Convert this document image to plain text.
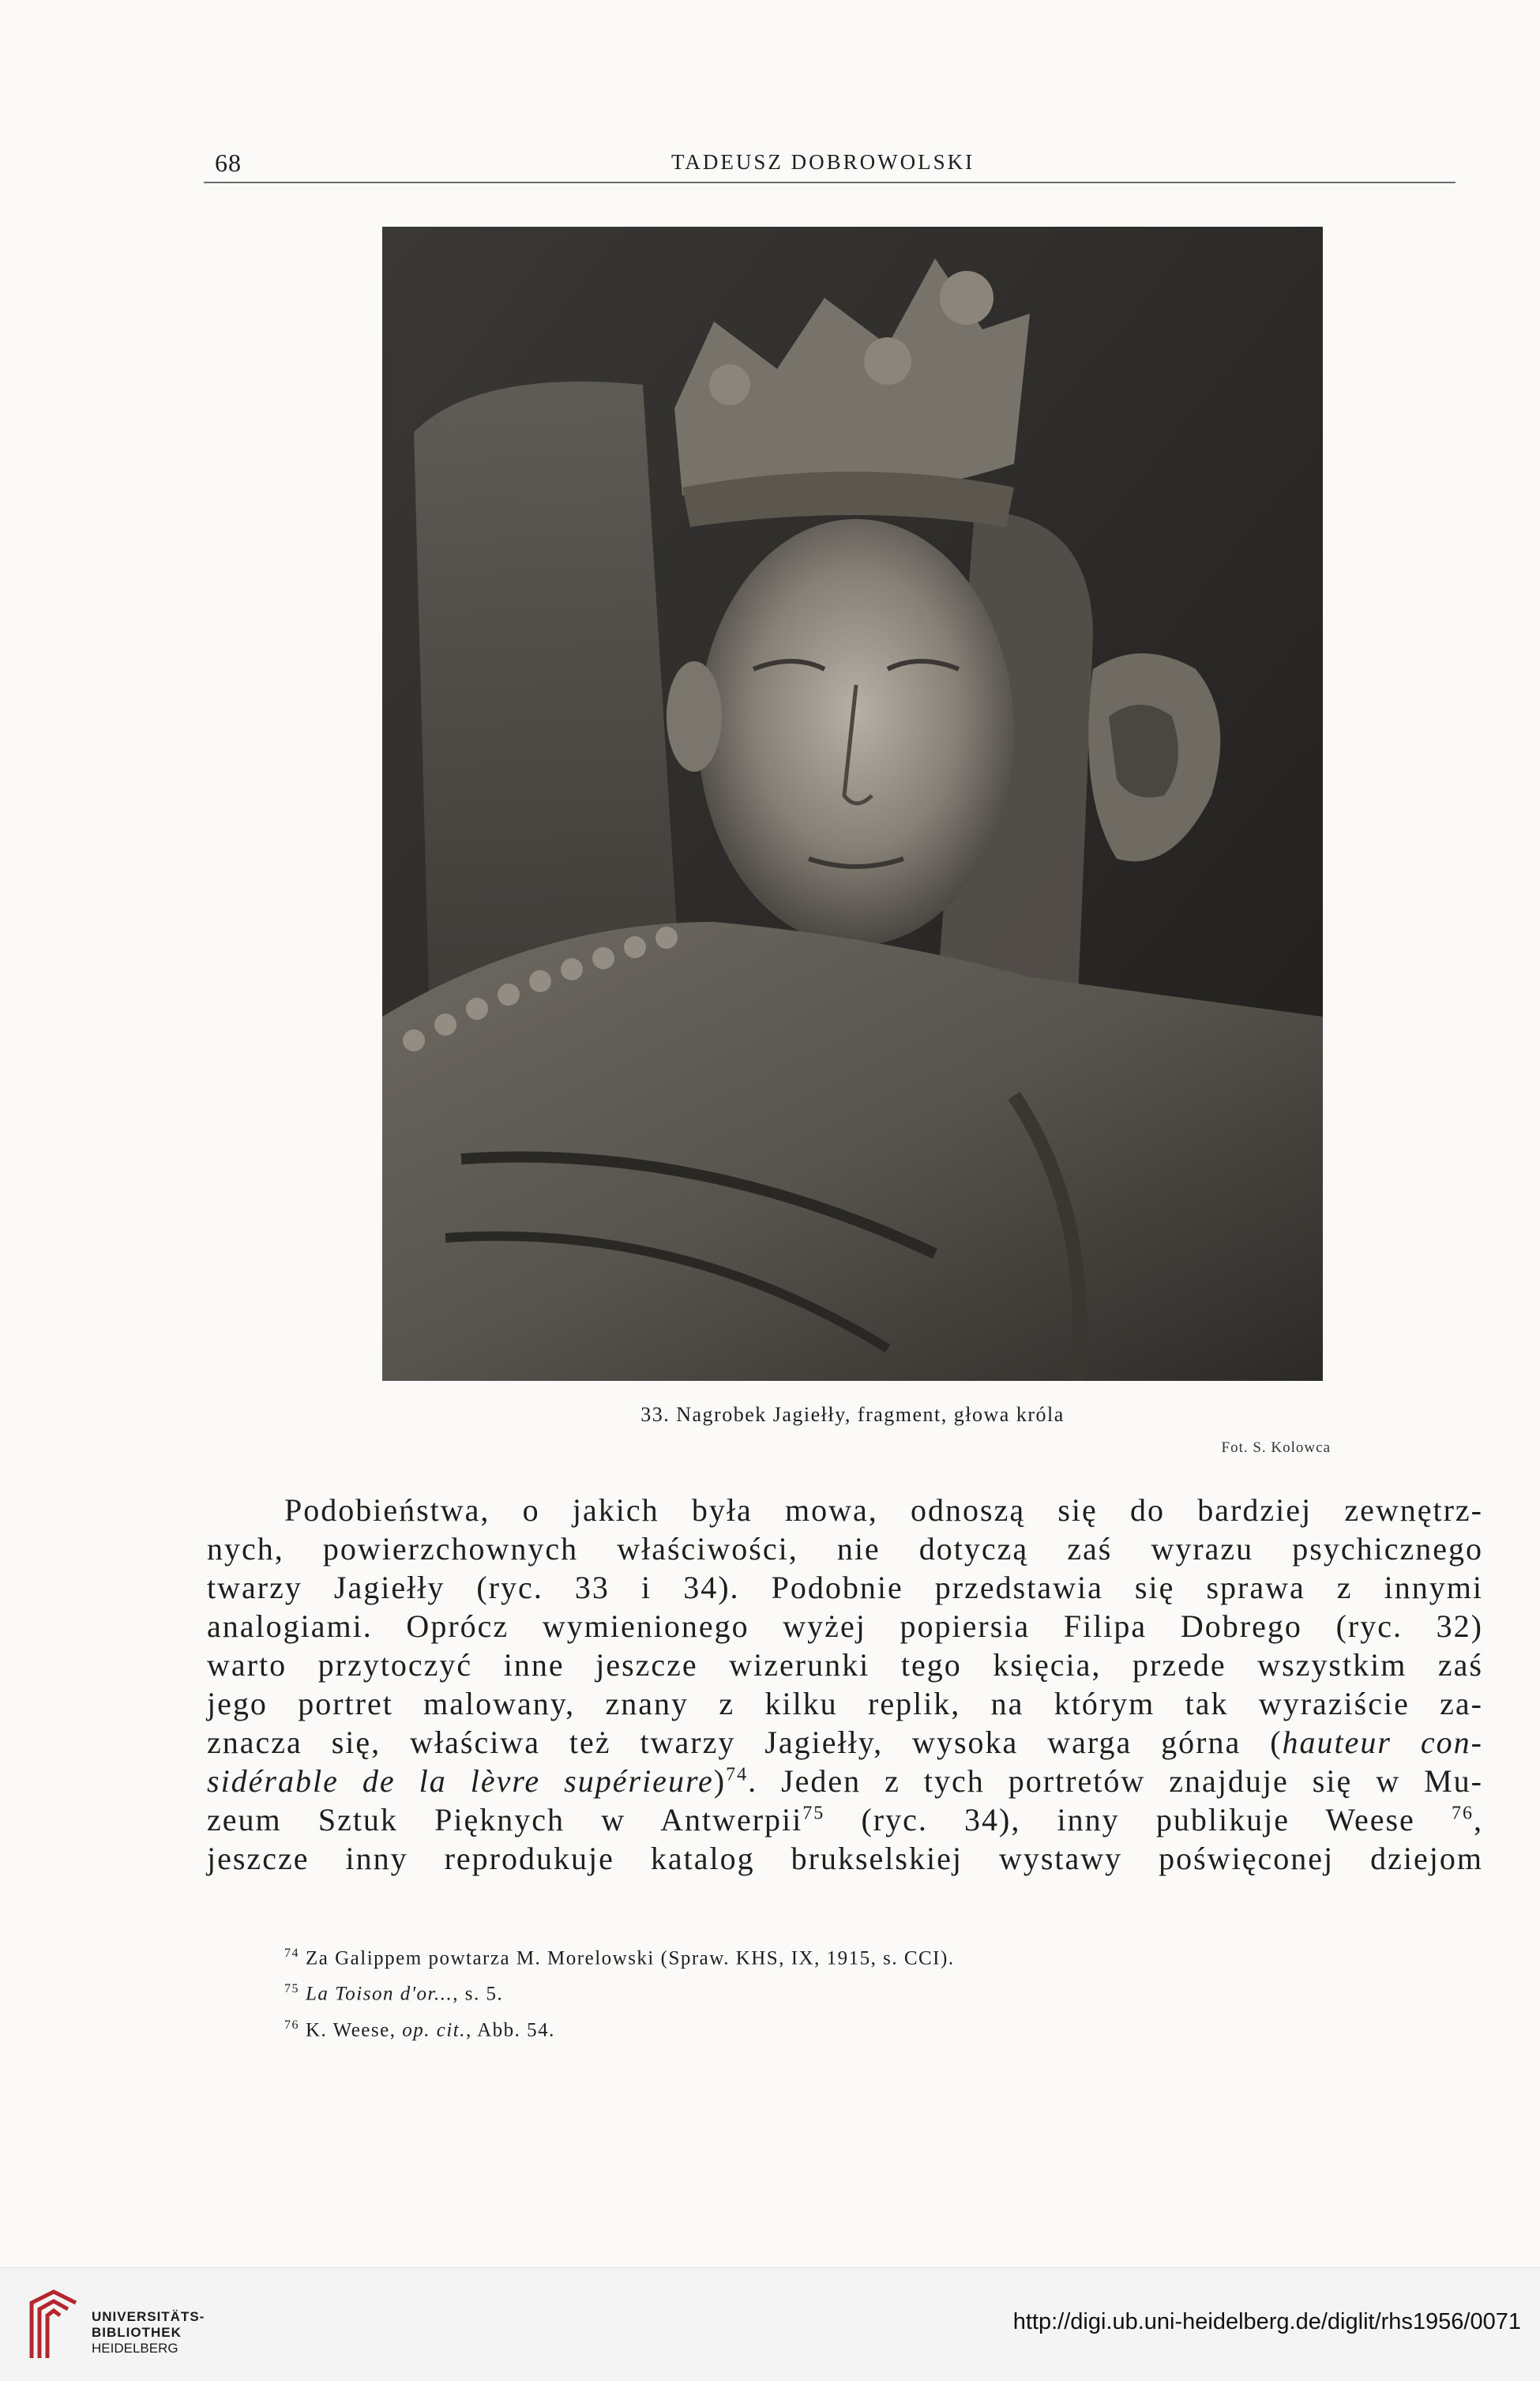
68	TADEUSZ DOBROWOLSKI
33. Nagrobek Jagiełły, fragment, głowa króla
Fot. S. Kolowca
Podobieństwa, o jakich była mowa, odnoszą się do bardziej zewnętrz-
nych, powierzchownych właściwości, nie dotyczą zaś wyrazu psychicznego
twarzy Jagiełły (ryc. 33 i 34). Podobnie przedstawia się sprawa z innymi
analogiami. Oprócz wymienionego wyżej popiersia Filipa Dobrego (ryc. 32)
warto przytoczyć inne jeszcze wizerunki tego księcia, przede wszystkim zaś
jego portret malowany, znany z kilku replik, na którym tak wyraziście za-
znacza się, właściwa też twarzy Jagiełły, wysoka warga górna (hauteur con-
sidérable de la lèvre supérieure)$^{74}$. Jeden z tych portretów znajduje się w Mu-
zeum Sztuk Pięknych w Antwerpii$^{75}$ (ryc. 34), inny publikuje Weese $^{76}$,
jeszcze inny reprodukuje katalog brukselskiej wystawy poświęconej dziejom
$^{74}$ Za Galippem powtarza M. Morelowski (Spraw. KHS, IX, 1915, s. CCI).
$^{75}$ La Toison d'or..., s. 5.
$^{76}$ K. Weese, op. cit., Abb. 54.
UNIVERSITÄTS-
BIBLIOTHEK
HEIDELBERG
http://digi.ub.uni-heidelberg.de/diglit/rhs1956/0071
